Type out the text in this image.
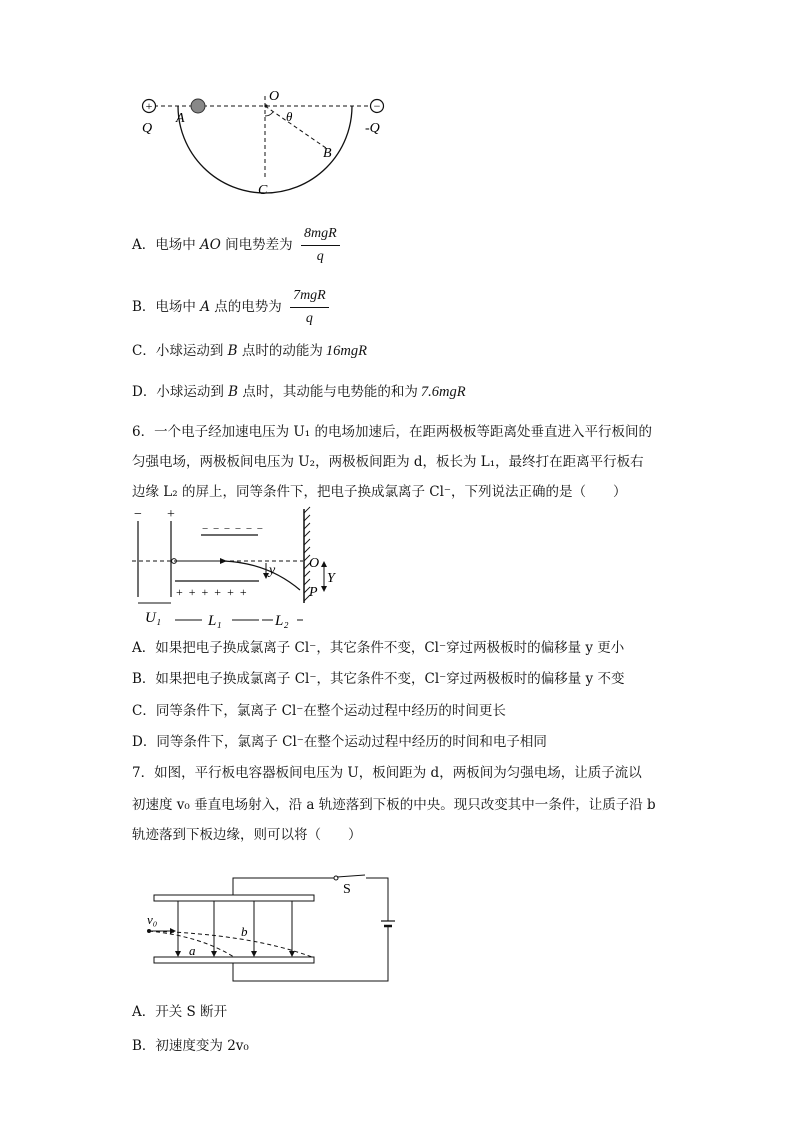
+	−
Q
A
O
θ
B
C
-Q
A．电场中 AO 间电势差为 $\frac{\text{8mgR}}{q}$
B．电场中 A 点的电势为 $\frac{\text{7mgR}}{q}$
C．小球运动到 B 点时的动能为 16mgR
D．小球运动到 B 点时，其动能与电势能的和为 7.6mgR
6．一个电子经加速电压为 U₁ 的电场加速后，在距两极板等距离处垂直进入平行板间的
匀强电场，两极板间电压为 U₂，两极板间距为 d，板长为 L₁，最终打在距离平行板右
边缘 L₂ 的屏上，同等条件下，把电子换成氯离子 Cl⁻，下列说法正确的是（　　）
− +
− − − − − −
+ + + + + +
y O
Y
P
U₁	L₁	L₂
A．如果把电子换成氯离子 Cl⁻，其它条件不变，Cl⁻穿过两极板时的偏移量 y 更小
B．如果把电子换成氯离子 Cl⁻，其它条件不变，Cl⁻穿过两极板时的偏移量 y 不变
C．同等条件下，氯离子 Cl⁻在整个运动过程中经历的时间更长
D．同等条件下，氯离子 Cl⁻在整个运动过程中经历的时间和电子相同
7．如图，平行板电容器板间电压为 U，板间距为 d，两板间为匀强电场，让质子流以
初速度 v₀ 垂直电场射入，沿 a 轨迹落到下板的中央。现只改变其中一条件，让质子沿 b
轨迹落到下板边缘，则可以将（　　）
S
v₀
a
b
A．开关 S 断开
B．初速度变为 2v₀
